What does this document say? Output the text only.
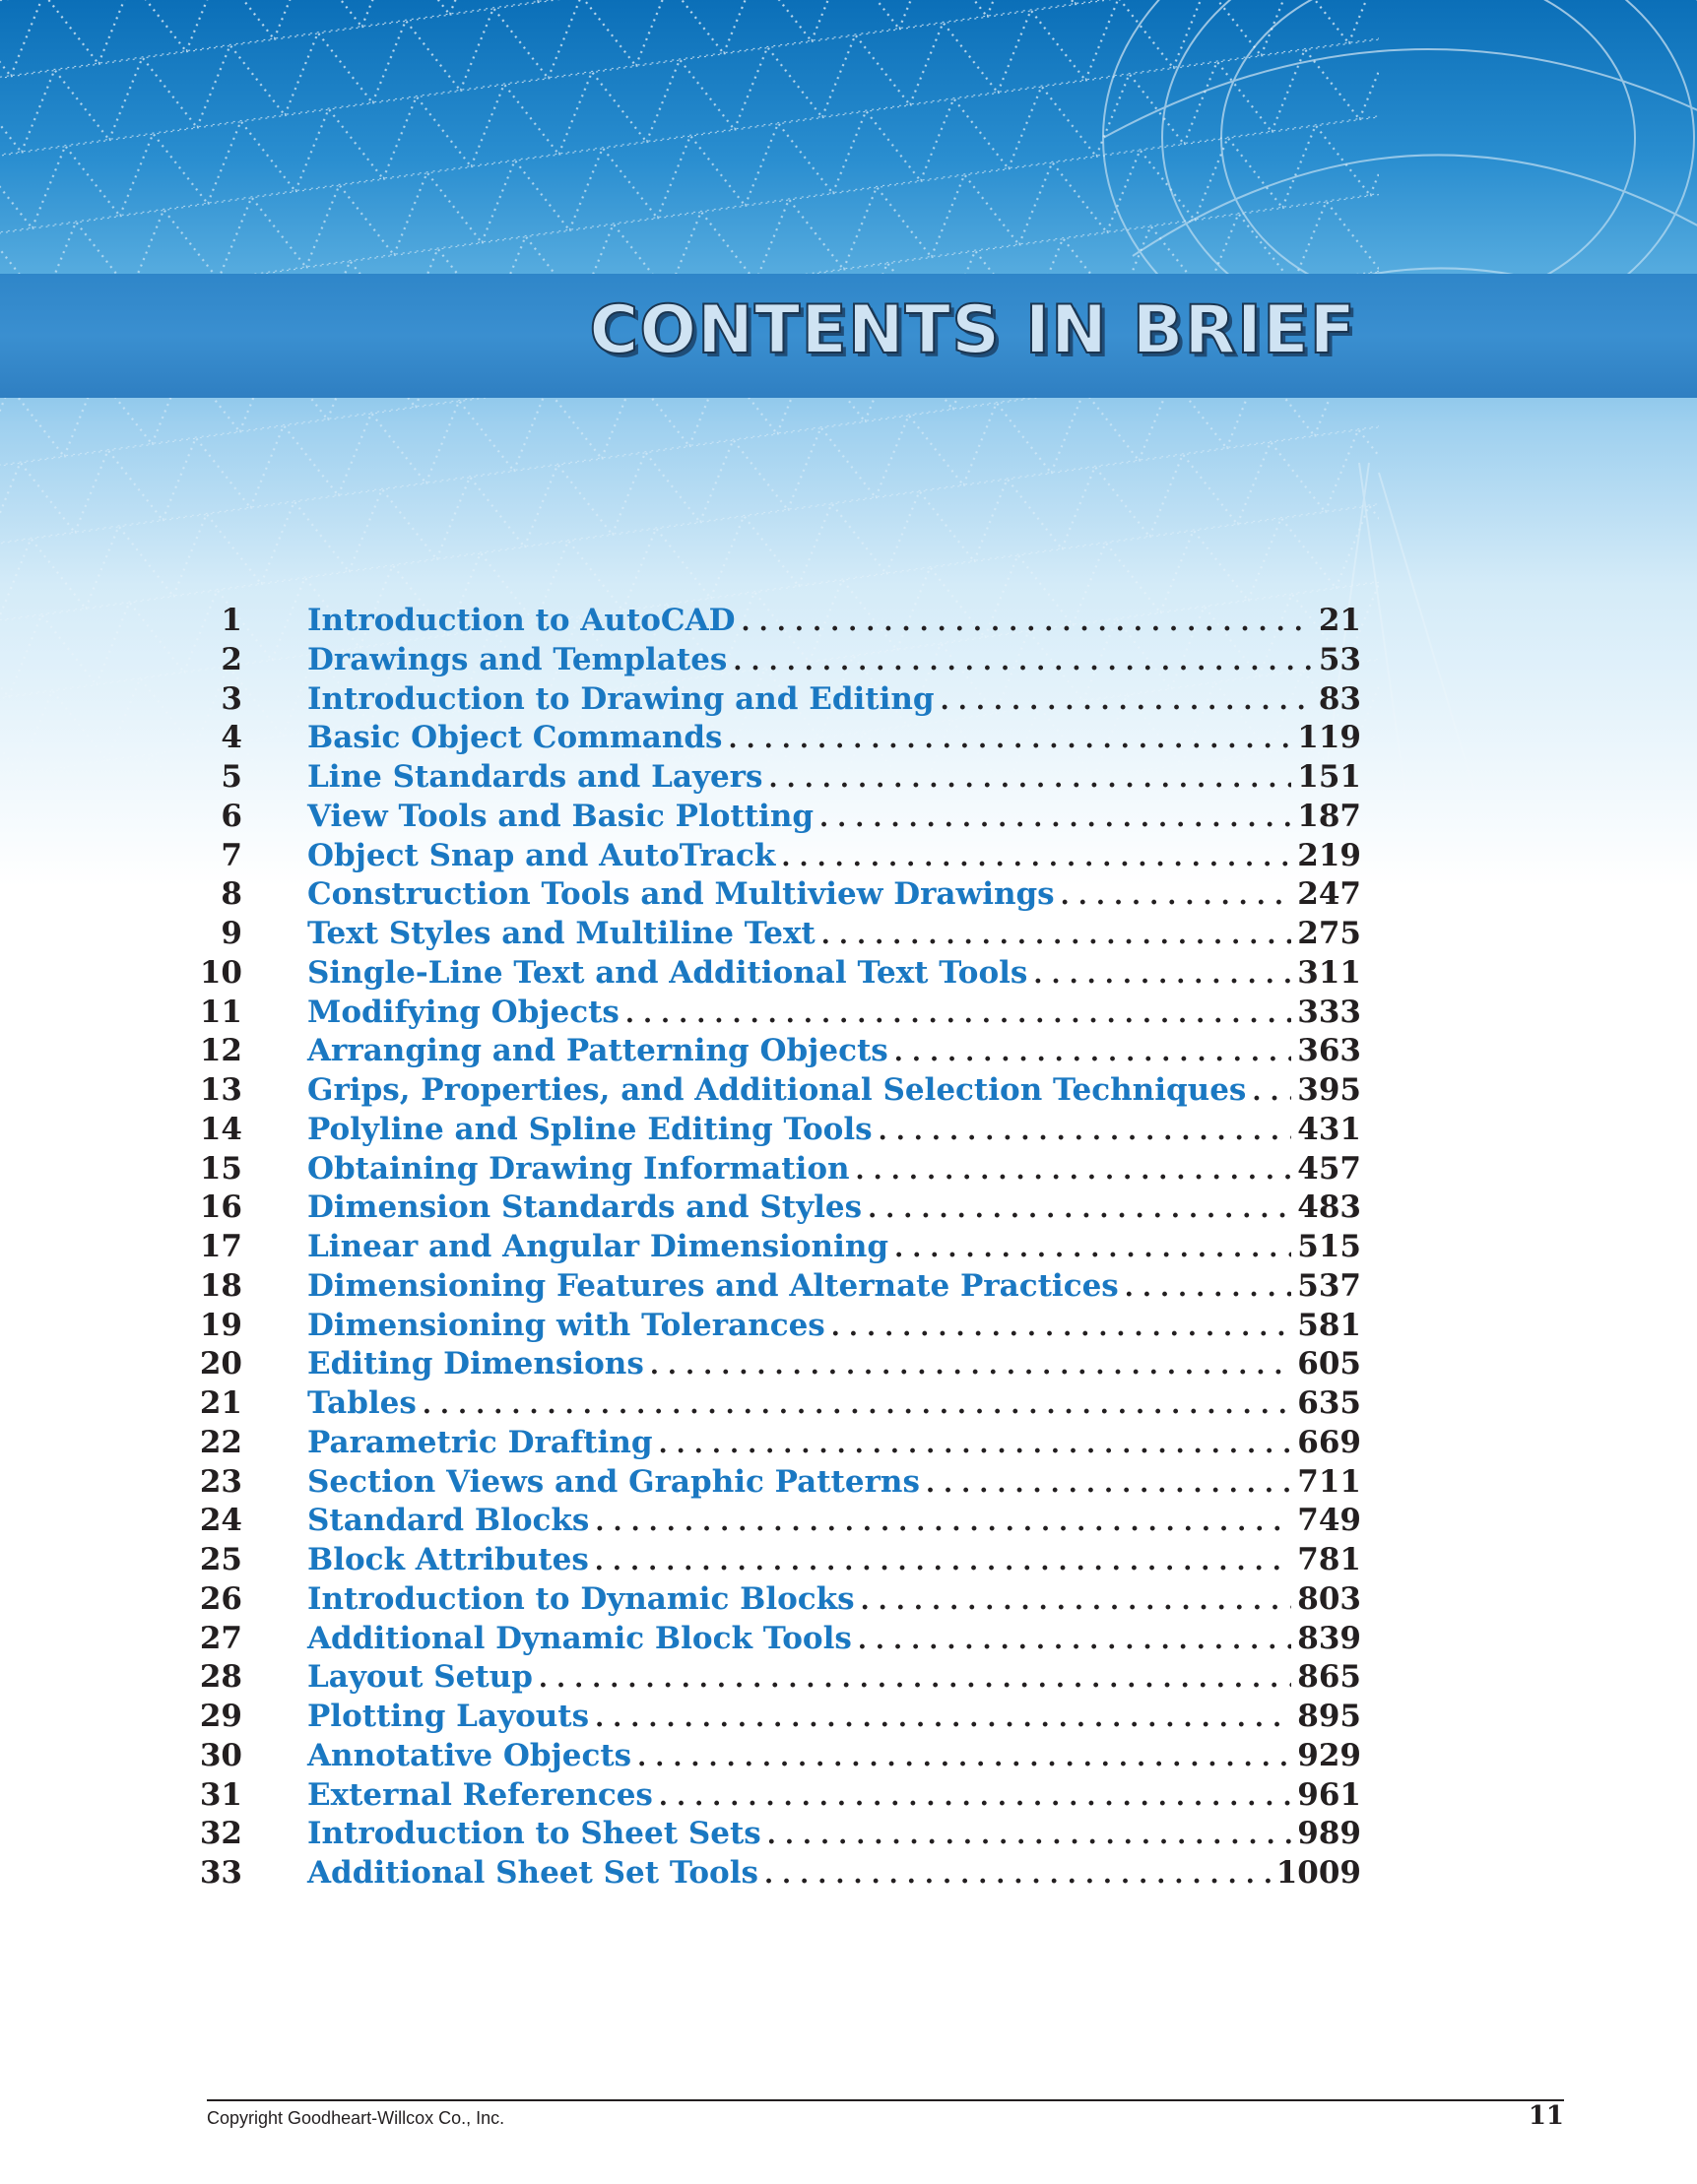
CONTENTS IN BRIEF
1 Introduction to AutoCAD . . .	21
2 Drawings and Templates . . .	53
3 Introduction to Drawing and Editing . . .	83
4 Basic Object Commands . . .	119
5 Line Standards and Layers . . .	151
6 View Tools and Basic Plotting . . .	187
7 Object Snap and AutoTrack . . .	219
8 Construction Tools and Multiview Drawings . . .	247
9 Text Styles and Multiline Text . . .	275
10 Single-Line Text and Additional Text Tools . . .	311
11 Modifying Objects . . .	333
12 Arranging and Patterning Objects . . .	363
13 Grips, Properties, and Additional Selection Techniques . . . 395
14 Polyline and Spline Editing Tools . . .	431
15 Obtaining Drawing Information . . .	457
16 Dimension Standards and Styles . . .	483
17 Linear and Angular Dimensioning . . .	515
18 Dimensioning Features and Alternate Practices . . .	537
19 Dimensioning with Tolerances . . .	581
20 Editing Dimensions . . .	605
21 Tables . . .	635
22 Parametric Drafting . . .	669
23 Section Views and Graphic Patterns . . .	711
24 Standard Blocks . . .	749
25 Block Attributes . . .	781
26 Introduction to Dynamic Blocks . . .	803
27 Additional Dynamic Block Tools . . .	839
28 Layout Setup . . .	865
29 Plotting Layouts . . .	895
30 Annotative Objects . . .	929
31 External References . . .	961
32 Introduction to Sheet Sets . . .	989
33 Additional Sheet Set Tools . . .	1009
Copyright Goodheart-Willcox Co., Inc.	11
